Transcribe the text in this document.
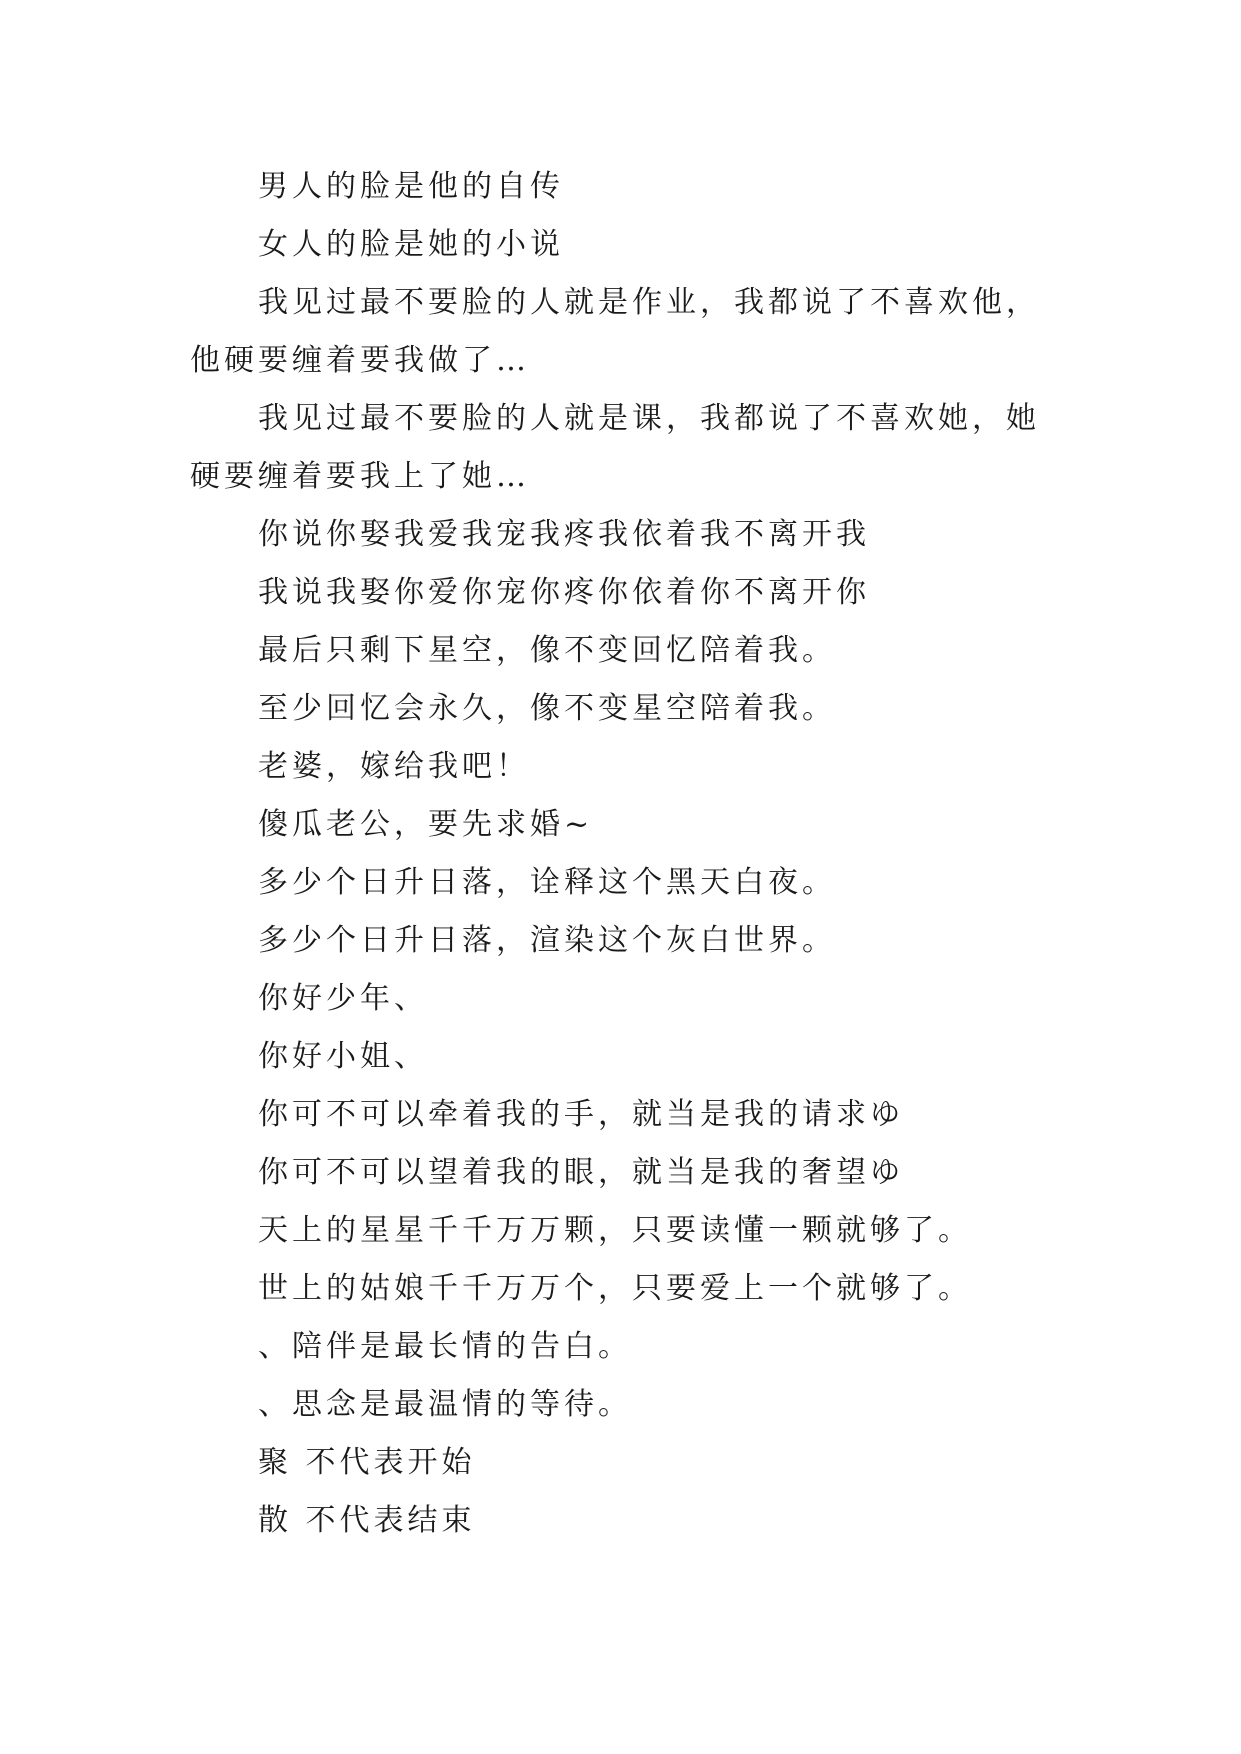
男人的脸是他的自传

女人的脸是她的小说

我见过最不要脸的人就是作业，我都说了不喜欢他，他硬要缠着要我做了…

我见过最不要脸的人就是课，我都说了不喜欢她，她硬要缠着要我上了她…

你说你娶我爱我宠我疼我依着我不离开我

我说我娶你爱你宠你疼你依着你不离开你

最后只剩下星空，像不变回忆陪着我。

至少回忆会永久，像不变星空陪着我。

老婆，嫁给我吧！

傻瓜老公，要先求婚~

多少个日升日落，诠释这个黑天白夜。

多少个日升日落，渲染这个灰白世界。

你好少年、

你好小姐、

你可不可以牵着我的手，就当是我的请求ゆ

你可不可以望着我的眼，就当是我的奢望ゆ

天上的星星千千万万颗，只要读懂一颗就够了。

世上的姑娘千千万万个，只要爱上一个就够了。

、陪伴是最长情的告白。

、思念是最温情的等待。

聚 不代表开始

散 不代表结束
